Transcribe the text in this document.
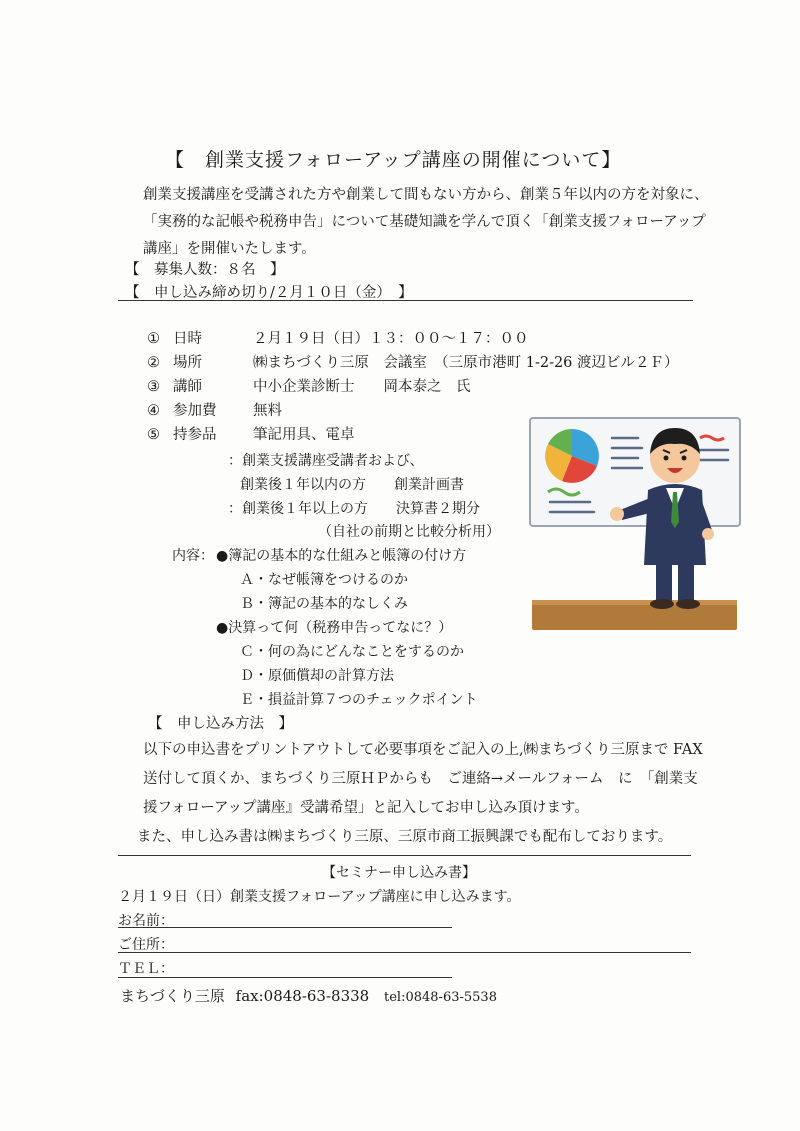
【　創業支援フォローアップ講座の開催について】
創業支援講座を受講された方や創業して間もない方から、創業５年以内の方を対象に、
「実務的な記帳や税務申告」について基礎知識を学んで頂く「創業支援フォローアップ
講座」を開催いたします。
【　募集人数：８名　】
【　申し込み締め切り/２月１０日（金）　】
① 日時	２月１９日（日）１３：００～１７：００
② 場所	㈱まちづくり三原　会議室　（三原市港町 1-2-26 渡辺ビル２Ｆ）
③ 講師	中小企業診断士　　岡本泰之　氏
④ 参加費	無料
⑤ 持参品	筆記用具、電卓
：創業支援講座受講者および、
創業後１年以内の方　　創業計画書
：創業後１年以上の方　　決算書２期分
（自社の前期と比較分析用）
内容： ●簿記の基本的な仕組みと帳簿の付け方
Ａ・なぜ帳簿をつけるのか
Ｂ・簿記の基本的なしくみ
●決算って何（税務申告ってなに？）
Ｃ・何の為にどんなことをするのか
Ｄ・原価償却の計算方法
Ｅ・損益計算７つのチェックポイント
【　申し込み方法　】
以下の申込書をプリントアウトして必要事項をご記入の上,㈱まちづくり三原まで FAX
送付して頂くか、まちづくり三原ＨＰからも　ご連絡→メールフォーム　に　「創業支
援フォローアップ講座』受講希望」と記入してお申し込み頂けます。
また、申し込み書は㈱まちづくり三原、三原市商工振興課でも配布しております。
【セミナー申し込み書】
２月１９日（日）創業支援フォローアップ講座に申し込みます。
お名前：
ご住所：
ＴＥＬ：
まちづくり三原 fax:0848-63-8338 tel:0848-63-5538
